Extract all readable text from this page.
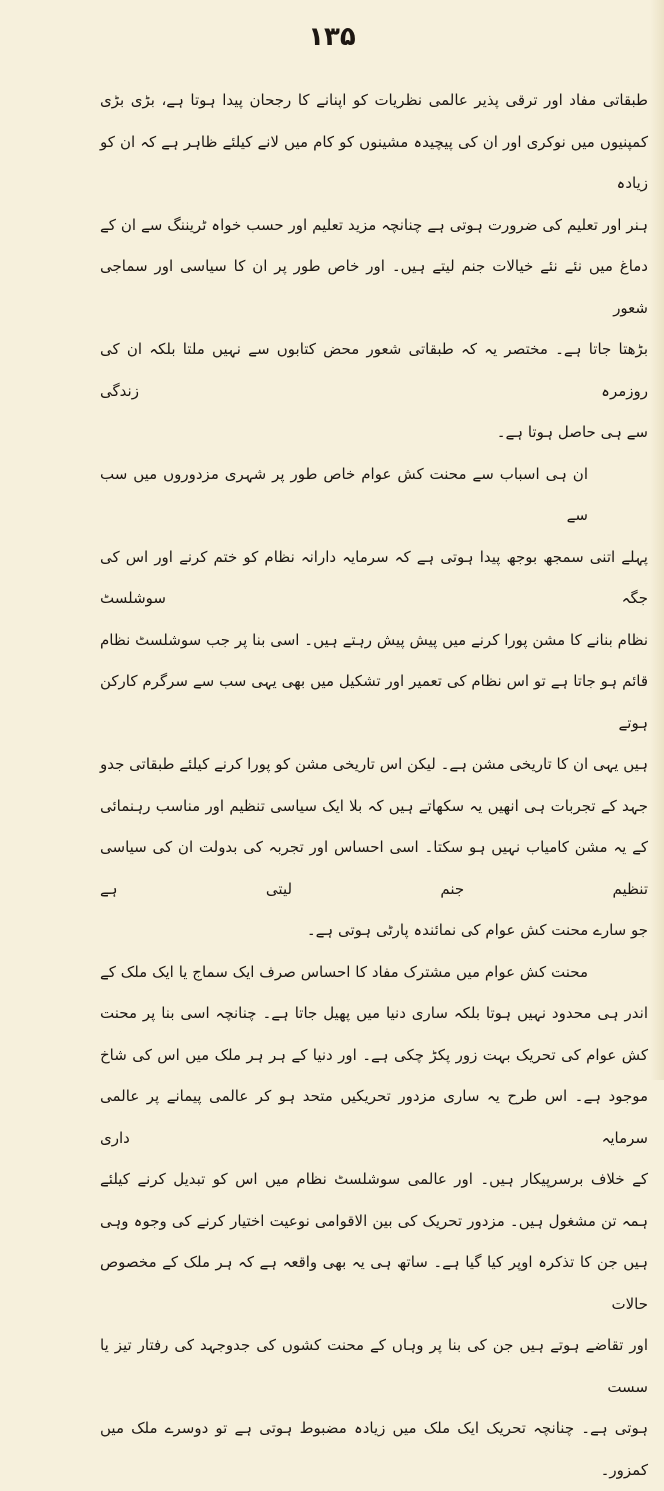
۱۳۵
طبقاتی مفاد اور ترقی پذیر عالمی نظریات کو اپنانے کا رجحان پیدا ہوتا ہے، بڑی بڑی
کمپنیوں میں نوکری اور ان کی پیچیدہ مشینوں کو کام میں لانے کیلئے ظاہر ہے کہ ان کو زیادہ
ہنر اور تعلیم کی ضرورت ہوتی ہے چنانچہ مزید تعلیم اور حسب خواہ ٹریننگ سے ان کے
دماغ میں نئے نئے خیالات جنم لیتے ہیں۔ اور خاص طور پر ان کا سیاسی اور سماجی شعور
بڑھتا جاتا ہے۔ مختصر یہ کہ طبقاتی شعور محض کتابوں سے نہیں ملتا بلکہ ان کی روزمرہ زندگی
سے ہی حاصل ہوتا ہے۔
ان ہی اسباب سے محنت کش عوام خاص طور پر شہری مزدوروں میں سب سے
پہلے اتنی سمجھ بوجھ پیدا ہوتی ہے کہ سرمایہ دارانہ نظام کو ختم کرنے اور اس کی جگہ سوشلسٹ
نظام بنانے کا مشن پورا کرنے میں پیش پیش رہتے ہیں۔ اسی بنا پر جب سوشلسٹ نظام
قائم ہو جاتا ہے تو اس نظام کی تعمیر اور تشکیل میں بھی یہی سب سے سرگرم کارکن ہوتے
ہیں یہی ان کا تاریخی مشن ہے۔ لیکن اس تاریخی مشن کو پورا کرنے کیلئے طبقاتی جدو
جہد کے تجربات ہی انھیں یہ سکھاتے ہیں کہ بلا ایک سیاسی تنظیم اور مناسب رہنمائی
کے یہ مشن کامیاب نہیں ہو سکتا۔ اسی احساس اور تجربہ کی بدولت ان کی سیاسی تنظیم جنم لیتی ہے
جو سارے محنت کش عوام کی نمائندہ پارٹی ہوتی ہے۔
محنت کش عوام میں مشترک مفاد کا احساس صرف ایک سماج یا ایک ملک کے
اندر ہی محدود نہیں ہوتا بلکہ ساری دنیا میں پھیل جاتا ہے۔ چنانچہ اسی بنا پر محنت
کش عوام کی تحریک بہت زور پکڑ چکی ہے۔ اور دنیا کے ہر ہر ملک میں اس کی شاخ
موجود ہے۔ اس طرح یہ ساری مزدور تحریکیں متحد ہو کر عالمی پیمانے پر عالمی سرمایہ داری
کے خلاف برسرپیکار ہیں۔ اور عالمی سوشلسٹ نظام میں اس کو تبدیل کرنے کیلئے
ہمہ تن مشغول ہیں۔ مزدور تحریک کی بین الاقوامی نوعیت اختیار کرنے کی وجوہ وہی
ہیں جن کا تذکرہ اوپر کیا گیا ہے۔ ساتھ ہی یہ بھی واقعہ ہے کہ ہر ملک کے مخصوص حالات
اور تقاضے ہوتے ہیں جن کی بنا پر وہاں کے محنت کشوں کی جدوجہد کی رفتار تیز یا سست
ہوتی ہے۔ چنانچہ تحریک ایک ملک میں زیادہ مضبوط ہوتی ہے تو دوسرے ملک میں کمزور۔
